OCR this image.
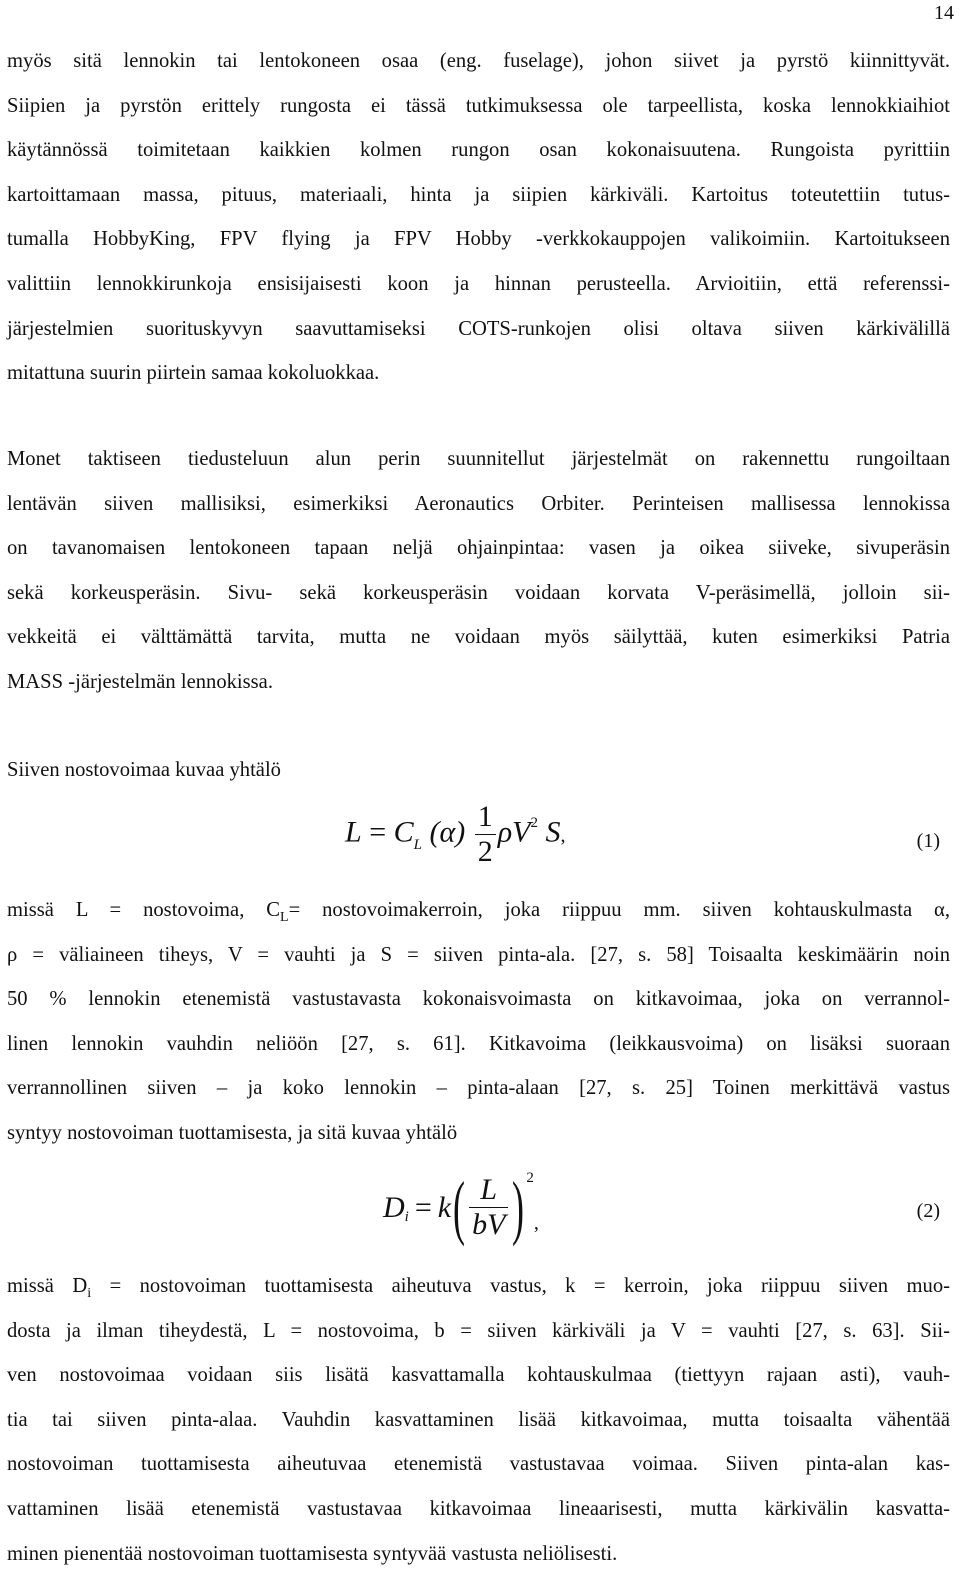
14
myös sitä lennokin tai lentokoneen osaa (eng. fuselage), johon siivet ja pyrstö kiinnittyvät.
Siipien ja pyrstön erittely rungosta ei tässä tutkimuksessa ole tarpeellista, koska lennokkiaihiot
käytännössä toimitetaan kaikkien kolmen rungon osan kokonaisuutena. Rungoista pyrittiin
kartoittamaan massa, pituus, materiaali, hinta ja siipien kärkiväli. Kartoitus toteutettiin tutus-
tumalla HobbyKing, FPV flying ja FPV Hobby -verkkokauppojen valikoimiin. Kartoitukseen
valittiin lennokkirunkoja ensisijaisesti koon ja hinnan perusteella. Arvioitiin, että referenssi-
järjestelmien suorituskyvyn saavuttamiseksi COTS-runkojen olisi oltava siiven kärkivälillä
mitattuna suurin piirtein samaa kokoluokkaa.
Monet taktiseen tiedusteluun alun perin suunnitellut järjestelmät on rakennettu rungoiltaan
lentävän siiven mallisiksi, esimerkiksi Aeronautics Orbiter. Perinteisen mallisessa lennokissa
on tavanomaisen lentokoneen tapaan neljä ohjainpintaa: vasen ja oikea siiveke, sivuperäsin
sekä korkeusperäsin. Sivu- sekä korkeusperäsin voidaan korvata V-peräsimellä, jolloin sii-
vekkeitä ei välttämättä tarvita, mutta ne voidaan myös säilyttää, kuten esimerkiksi Patria
MASS -järjestelmän lennokissa.
Siiven nostovoimaa kuvaa yhtälö
$L = C_L$ $(\alpha) \frac{1}{2} \rho V^2$ S,	(1)
missä L = nostovoima, $C_L=$ nostovoimakerroin, joka riippuu mm. siiven kohtauskulmasta α,
ρ = väliaineen tiheys, V = vauhti ja S = siiven pinta-ala. [27, s. 58] Toisaalta keskimäärin noin
50 % lennokin etenemistä vastustavasta kokonaisvoimasta on kitkavoimaa, joka on verrannol-
linen lennokin vauhdin neliöön [27, s. 61]. Kitkavoima (leikkausvoima) on lisäksi suoraan
verrannollinen siiven – ja koko lennokin – pinta-alaan [27, s. 25] Toinen merkittävä vastus
syntyy nostovoiman tuottamisesta, ja sitä kuvaa yhtälö
D i = k ( $\frac{L}{bV}$ ) 2
,
(2)
missä $D_i$ = nostovoiman tuottamisesta aiheutuva vastus, k = kerroin, joka riippuu siiven muo-
dosta ja ilman tiheydestä, L = nostovoima, b = siiven kärkiväli ja V = vauhti [27, s. 63]. Sii-
ven nostovoimaa voidaan siis lisätä kasvattamalla kohtauskulmaa (tiettyyn rajaan asti), vauh-
tia tai siiven pinta-alaa. Vauhdin kasvattaminen lisää kitkavoimaa, mutta toisaalta vähentää
nostovoiman tuottamisesta aiheutuvaa etenemistä vastustavaa voimaa. Siiven pinta-alan kas-
vattaminen lisää etenemistä vastustavaa kitkavoimaa lineaarisesti, mutta kärkivälin kasvatta-
minen pienentää nostovoiman tuottamisesta syntyvää vastusta neliölisesti.
